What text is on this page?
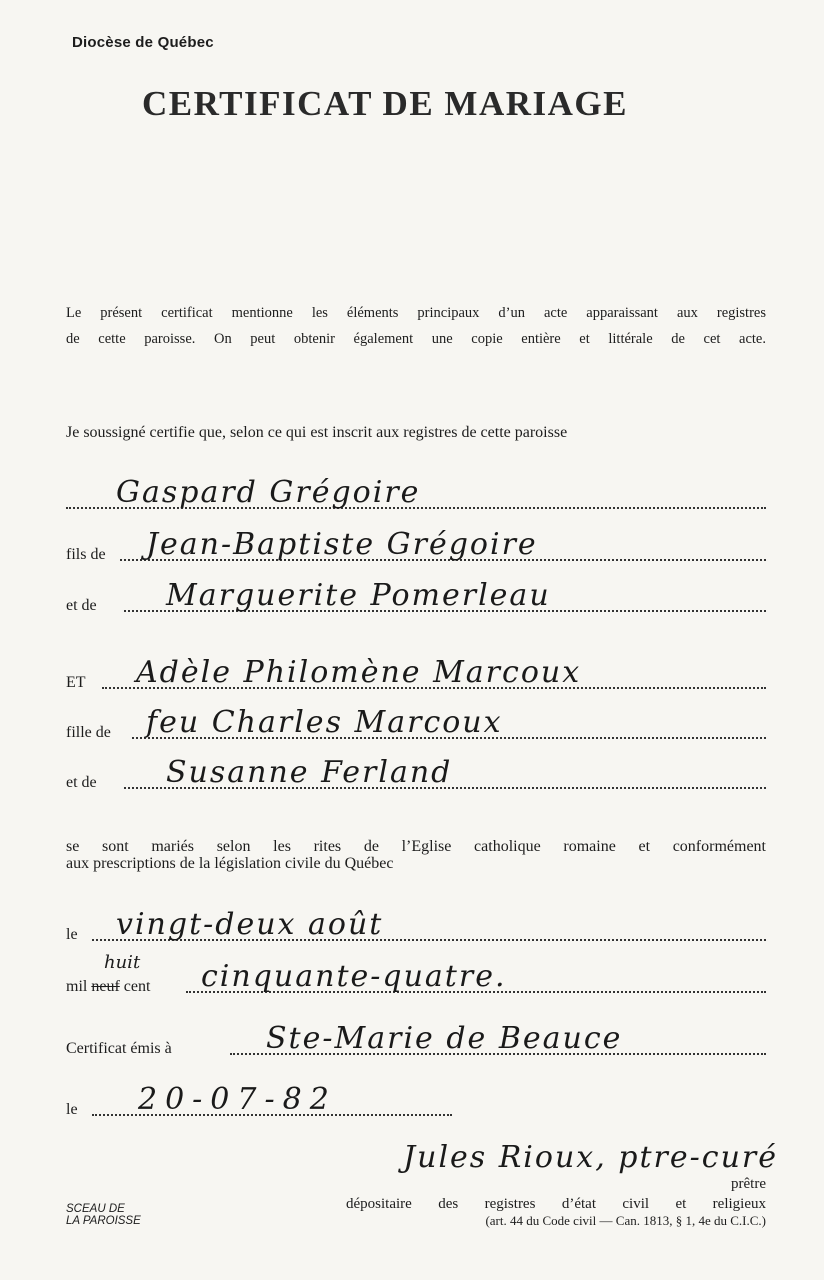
Diocèse de Québec
CERTIFICAT DE MARIAGE
Le présent certificat mentionne les éléments principaux d’un acte apparaissant aux registres
de cette paroisse. On peut obtenir également une copie entière et littérale de cet acte.
Je soussigné certifie que, selon ce qui est inscrit aux registres de cette paroisse
Gaspard Grégoire
fils de Jean-Baptiste Grégoire
et de Marguerite Pomerleau
ET Adèle Philomène Marcoux
fille de feu Charles Marcoux
et de Susanne Ferland
se sont mariés selon les rites de l’Eglise catholique romaine et conformément
aux prescriptions de la législation civile du Québec
le vingt-deux août
mil neuf cent
huit cinquante-quatre.
Certificat émis à	Ste-Marie de Beauce
le 20-07-82
SCEAU DE
LA PAROISSE
Jules Rioux, ptre-curé
prêtre
dépositaire des registres d’état civil et religieux
(art. 44 du Code civil — Can. 1813, § 1, 4e du C.I.C.)
